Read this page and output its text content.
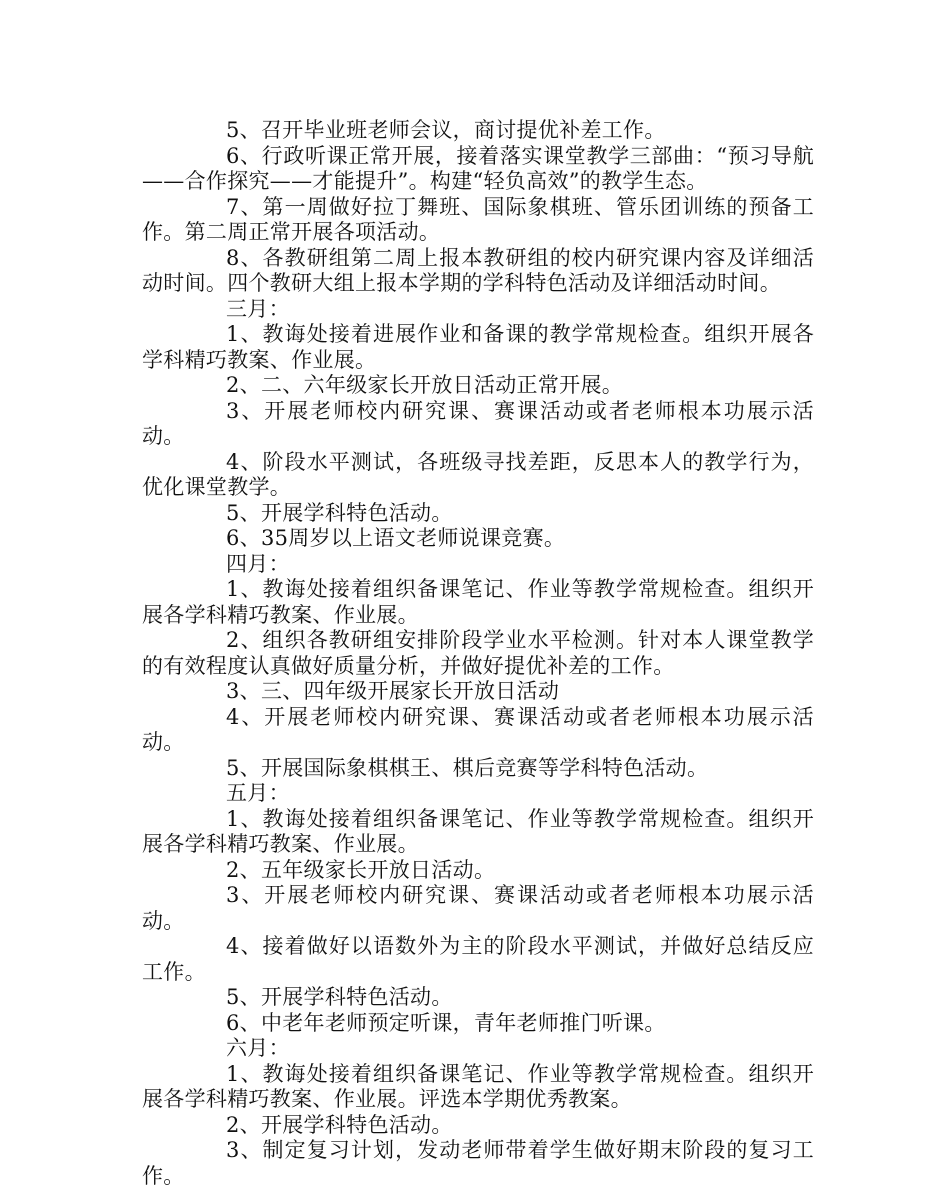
5、召开毕业班老师会议，商讨提优补差工作。

6、行政听课正常开展，接着落实课堂教学三部曲：“预习导航——合作探究——才能提升”。构建“轻负高效”的教学生态。

7、第一周做好拉丁舞班、国际象棋班、管乐团训练的预备工作。第二周正常开展各项活动。

8、各教研组第二周上报本教研组的校内研究课内容及详细活动时间。四个教研大组上报本学期的学科特色活动及详细活动时间。

三月：

1、教诲处接着进展作业和备课的教学常规检查。组织开展各学科精巧教案、作业展。

2、二、六年级家长开放日活动正常开展。

3、开展老师校内研究课、赛课活动或者老师根本功展示活动。

4、阶段水平测试，各班级寻找差距，反思本人的教学行为，优化课堂教学。

5、开展学科特色活动。

6、35周岁以上语文老师说课竞赛。

四月：

1、教诲处接着组织备课笔记、作业等教学常规检查。组织开展各学科精巧教案、作业展。

2、组织各教研组安排阶段学业水平检测。针对本人课堂教学的有效程度认真做好质量分析，并做好提优补差的工作。

3、三、四年级开展家长开放日活动

4、开展老师校内研究课、赛课活动或者老师根本功展示活动。

5、开展国际象棋棋王、棋后竞赛等学科特色活动。

五月：

1、教诲处接着组织备课笔记、作业等教学常规检查。组织开展各学科精巧教案、作业展。

2、五年级家长开放日活动。

3、开展老师校内研究课、赛课活动或者老师根本功展示活动。

4、接着做好以语数外为主的阶段水平测试，并做好总结反应工作。

5、开展学科特色活动。

6、中老年老师预定听课，青年老师推门听课。

六月：

1、教诲处接着组织备课笔记、作业等教学常规检查。组织开展各学科精巧教案、作业展。评选本学期优秀教案。

2、开展学科特色活动。

3、制定复习计划，发动老师带着学生做好期末阶段的复习工作。
